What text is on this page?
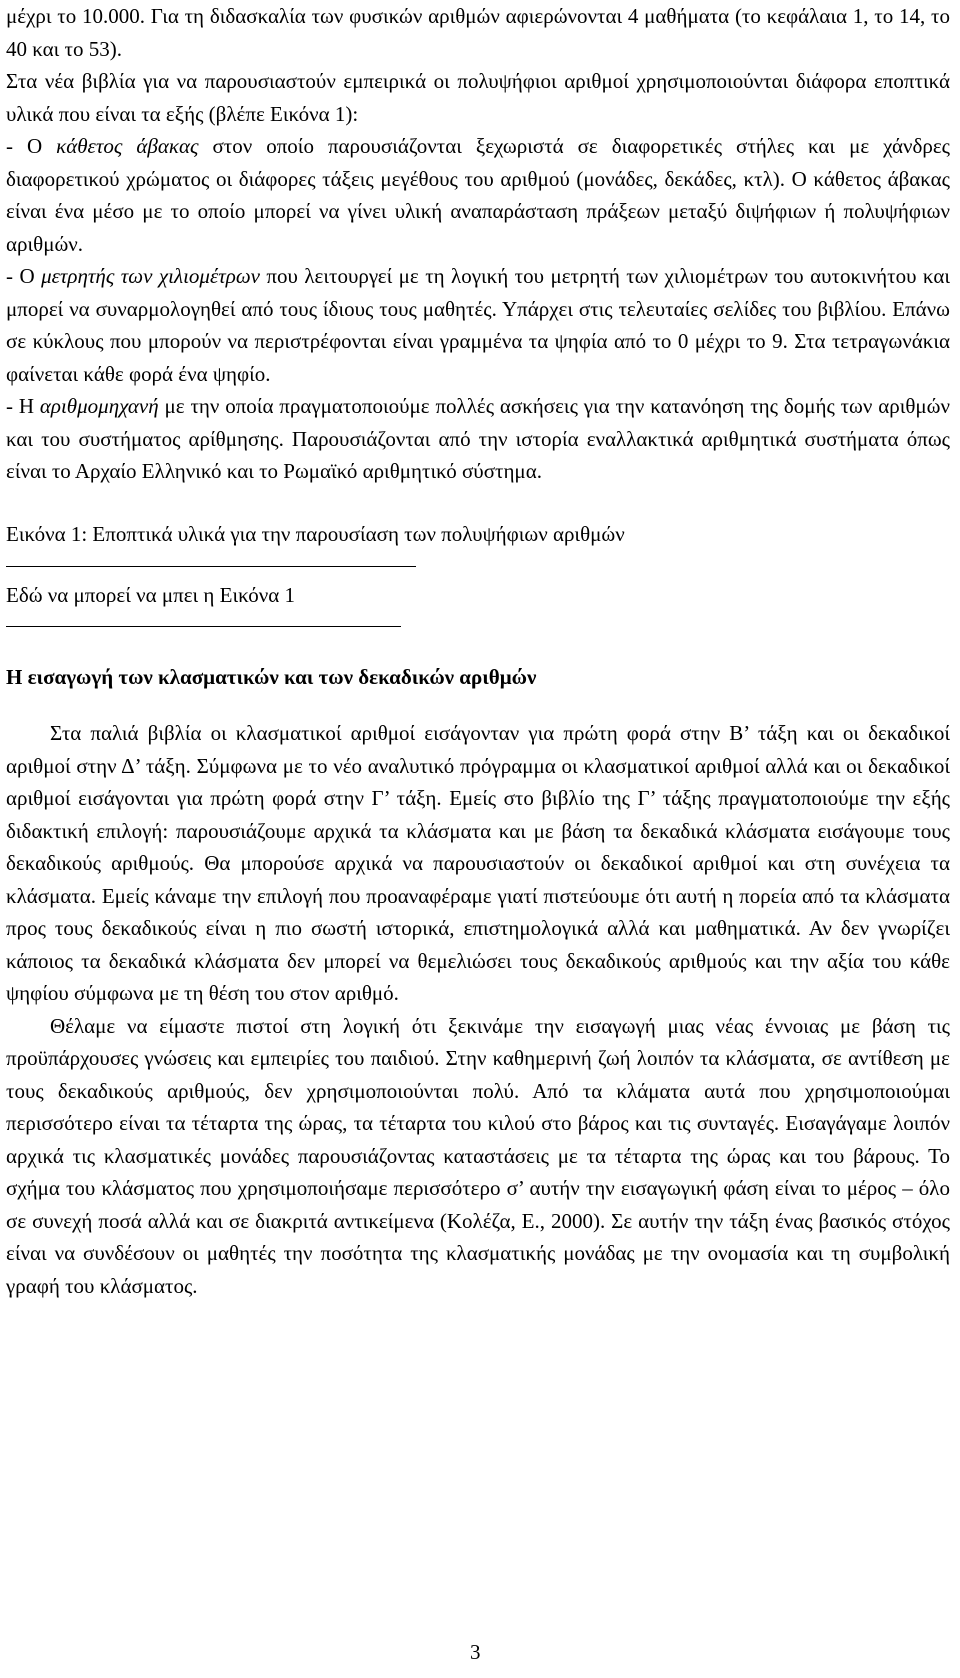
μέχρι το 10.000. Για τη διδασκαλία των φυσικών αριθμών αφιερώνονται 4 μαθήματα (το κεφάλαια 1, το 14, το 40 και το 53).

Στα νέα βιβλία για να παρουσιαστούν εμπειρικά οι πολυψήφιοι αριθμοί χρησιμοποιούνται διάφορα εποπτικά υλικά που είναι τα εξής (βλέπε Εικόνα 1):

- Ο κάθετος άβακας στον οποίο παρουσιάζονται ξεχωριστά σε διαφορετικές στήλες και με χάνδρες διαφορετικού χρώματος οι διάφορες τάξεις μεγέθους του αριθμού (μονάδες, δεκάδες, κτλ). Ο κάθετος άβακας είναι ένα μέσο με το οποίο μπορεί να γίνει υλική αναπαράσταση πράξεων μεταξύ διψήφιων ή πολυψήφιων αριθμών.

- Ο μετρητής των χιλιομέτρων που λειτουργεί με τη λογική του μετρητή των χιλιομέτρων του αυτοκινήτου και μπορεί να συναρμολογηθεί από τους ίδιους τους μαθητές. Υπάρχει στις τελευταίες σελίδες του βιβλίου. Επάνω σε κύκλους που μπορούν να περιστρέφονται είναι γραμμένα τα ψηφία από το 0 μέχρι το 9. Στα τετραγωνάκια φαίνεται κάθε φορά ένα ψηφίο.

- Η αριθμομηχανή με την οποία πραγματοποιούμε πολλές ασκήσεις για την κατανόηση της δομής των αριθμών και του συστήματος αρίθμησης. Παρουσιάζονται από την ιστορία εναλλακτικά αριθμητικά συστήματα όπως είναι το Αρχαίο Ελληνικό και το Ρωμαϊκό αριθμητικό σύστημα.

Εικόνα 1: Εποπτικά υλικά για την παρουσίαση των πολυψήφιων αριθμών

Εδώ να μπορεί να μπει η Εικόνα 1

Η εισαγωγή των κλασματικών και των δεκαδικών αριθμών

Στα παλιά βιβλία οι κλασματικοί αριθμοί εισάγονταν για πρώτη φορά στην Β’ τάξη και οι δεκαδικοί αριθμοί στην Δ’ τάξη. Σύμφωνα με το νέο αναλυτικό πρόγραμμα οι κλασματικοί αριθμοί αλλά και οι δεκαδικοί αριθμοί εισάγονται για πρώτη φορά στην Γ’ τάξη. Εμείς στο βιβλίο της Γ’ τάξης πραγματοποιούμε την εξής διδακτική επιλογή: παρουσιάζουμε αρχικά τα κλάσματα και με βάση τα δεκαδικά κλάσματα εισάγουμε τους δεκαδικούς αριθμούς. Θα μπορούσε αρχικά να παρουσιαστούν οι δεκαδικοί αριθμοί και στη συνέχεια τα κλάσματα. Εμείς κάναμε την επιλογή που προαναφέραμε γιατί πιστεύουμε ότι αυτή η πορεία από τα κλάσματα προς τους δεκαδικούς είναι η πιο σωστή ιστορικά, επιστημολογικά αλλά και μαθηματικά. Αν δεν γνωρίζει κάποιος τα δεκαδικά κλάσματα δεν μπορεί να θεμελιώσει τους δεκαδικούς αριθμούς και την αξία του κάθε ψηφίου σύμφωνα με τη θέση του στον αριθμό.

Θέλαμε να είμαστε πιστοί στη λογική ότι ξεκινάμε την εισαγωγή μιας νέας έννοιας με βάση τις προϋπάρχουσες γνώσεις και εμπειρίες του παιδιού. Στην καθημερινή ζωή λοιπόν τα κλάσματα, σε αντίθεση με τους δεκαδικούς αριθμούς, δεν χρησιμοποιούνται πολύ. Από τα κλάματα αυτά που χρησιμοποιούμαι περισσότερο είναι τα τέταρτα της ώρας, τα τέταρτα του κιλού στο βάρος και τις συνταγές. Εισαγάγαμε λοιπόν αρχικά τις κλασματικές μονάδες παρουσιάζοντας καταστάσεις με τα τέταρτα της ώρας και του βάρους. Το σχήμα του κλάσματος που χρησιμοποιήσαμε περισσότερο σ’ αυτήν την εισαγωγική φάση είναι το μέρος – όλο σε συνεχή ποσά αλλά και σε διακριτά αντικείμενα (Κολέζα, Ε., 2000). Σε αυτήν την τάξη ένας βασικός στόχος είναι να συνδέσουν οι μαθητές την ποσότητα της κλασματικής μονάδας με την ονομασία και τη συμβολική γραφή του κλάσματος.

3
